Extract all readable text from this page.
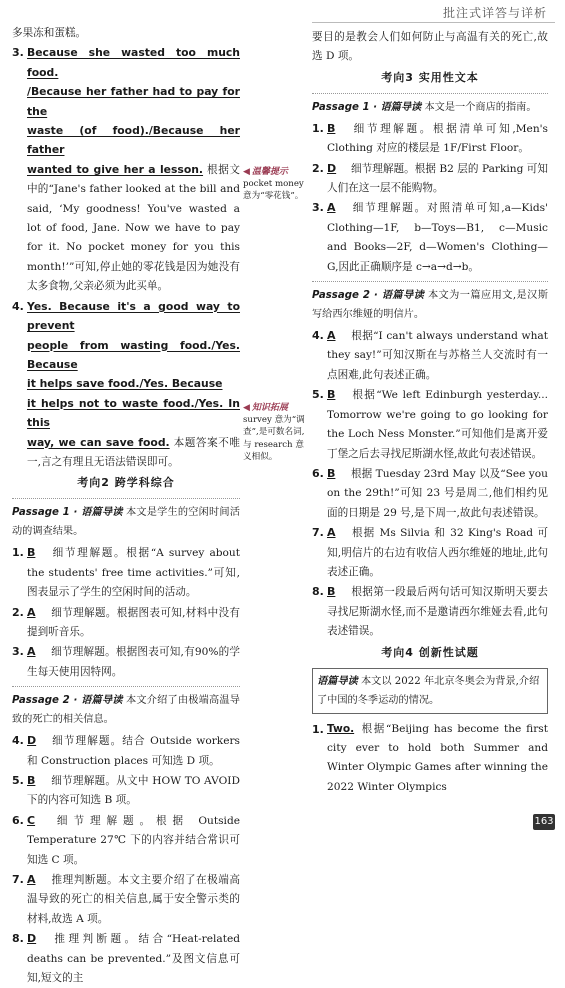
批注式详答与详析

多果冻和蛋糕。

3. Because she wasted too much food.
/Because her father had to pay for the
waste (of food)./Because her father
wanted to give her a lesson. 根据文中的“Jane's father looked at the bill and said, ‘My goodness! You've wasted a lot of food, Jane. Now we have to pay for it. No pocket money for you this month!’”可知,停止她的零花钱是因为她没有太多食物,父亲必须为此买单。
4. Yes. Because it's a good way to prevent
people from wasting food./Yes. Because
it helps save food./Yes. Because
it helps not to waste food./Yes. In this
way, we can save food. 本题答案不唯一,言之有理且无语法错误即可。
考向2 跨学科综合

Passage 1 · 语篇导读 本文是学生的空闲时间活动的调查结果。

1. B 细节理解题。根据“A survey about the students' free time activities.”可知,图表显示了学生的空闲时间的活动。
2. A 细节理解题。根据图表可知,材料中没有提到听音乐。
3. A 细节理解题。根据图表可知,有90%的学生每天使用因特网。

Passage 2 · 语篇导读 本文介绍了由极端高温导致的死亡的相关信息。

4. D 细节理解题。结合 Outside workers 和 Construction places 可知选 D 项。
5. B 细节理解题。从文中 HOW TO AVOID 下的内容可知选 B 项。
6. C 细节理解题。根据 Outside Temperature 27℃ 下的内容并结合常识可知选 C 项。
7. A 推理判断题。本文主要介绍了在极端高温导致的死亡的相关信息,属于安全警示类的材料,故选 A 项。
8. D 推理判断题。结合“Heat-related deaths can be prevented.”及图文信息可知,短文的主
◀ 温馨提示
pocket money 意为“零花钱”。
◀ 知识拓展
survey 意为“调查”,是可数名词,与 research 意义相似。

要目的是教会人们如何防止与高温有关的死亡,故选 D 项。

考向3 实用性文本

Passage 1 · 语篇导读 本文是一个商店的指南。

1. B 细节理解题。根据清单可知,Men's Clothing 对应的楼层是 1F/First Floor。
2. D 细节理解题。根据 B2 层的 Parking 可知人们在这一层不能购物。
3. A 细节理解题。对照清单可知,a—Kids' Clothing—1F, b—Toys—B1, c—Music and Books—2F, d—Women's Clothing—G,因此正确顺序是 c→a→d→b。

Passage 2 · 语篇导读 本文为一篇应用文,是汉斯写给西尔维娅的明信片。

4. A 根据“I can't always understand what they say!”可知汉斯在与苏格兰人交流时有一点困难,此句表述正确。
5. B 根据“We left Edinburgh yesterday... Tomorrow we're going to go looking for the Loch Ness Monster.”可知他们是离开爱丁堡之后去寻找尼斯湖水怪,故此句表述错误。
6. B 根据 Tuesday 23rd May 以及“See you on the 29th!”可知 23 号是周二,他们相约见面的日期是 29 号,是下周一,故此句表述错误。
7. A 根据 Ms Silvia 和 32 King's Road 可知,明信片的右边有收信人西尔维娅的地址,此句表述正确。
8. B 根据第一段最后两句话可知汉斯明天要去寻找尼斯湖水怪,而不是邀请西尔维娅去看,此句表述错误。
考向4 创新性试题
语篇导读 本文以 2022 年北京冬奥会为背景,介绍了中国的冬季运动的情况。
1. Two. 根据“Beijing has become the first city ever to hold both Summer and Winter Olympic Games after winning the 2022 Winter Olympics
163
